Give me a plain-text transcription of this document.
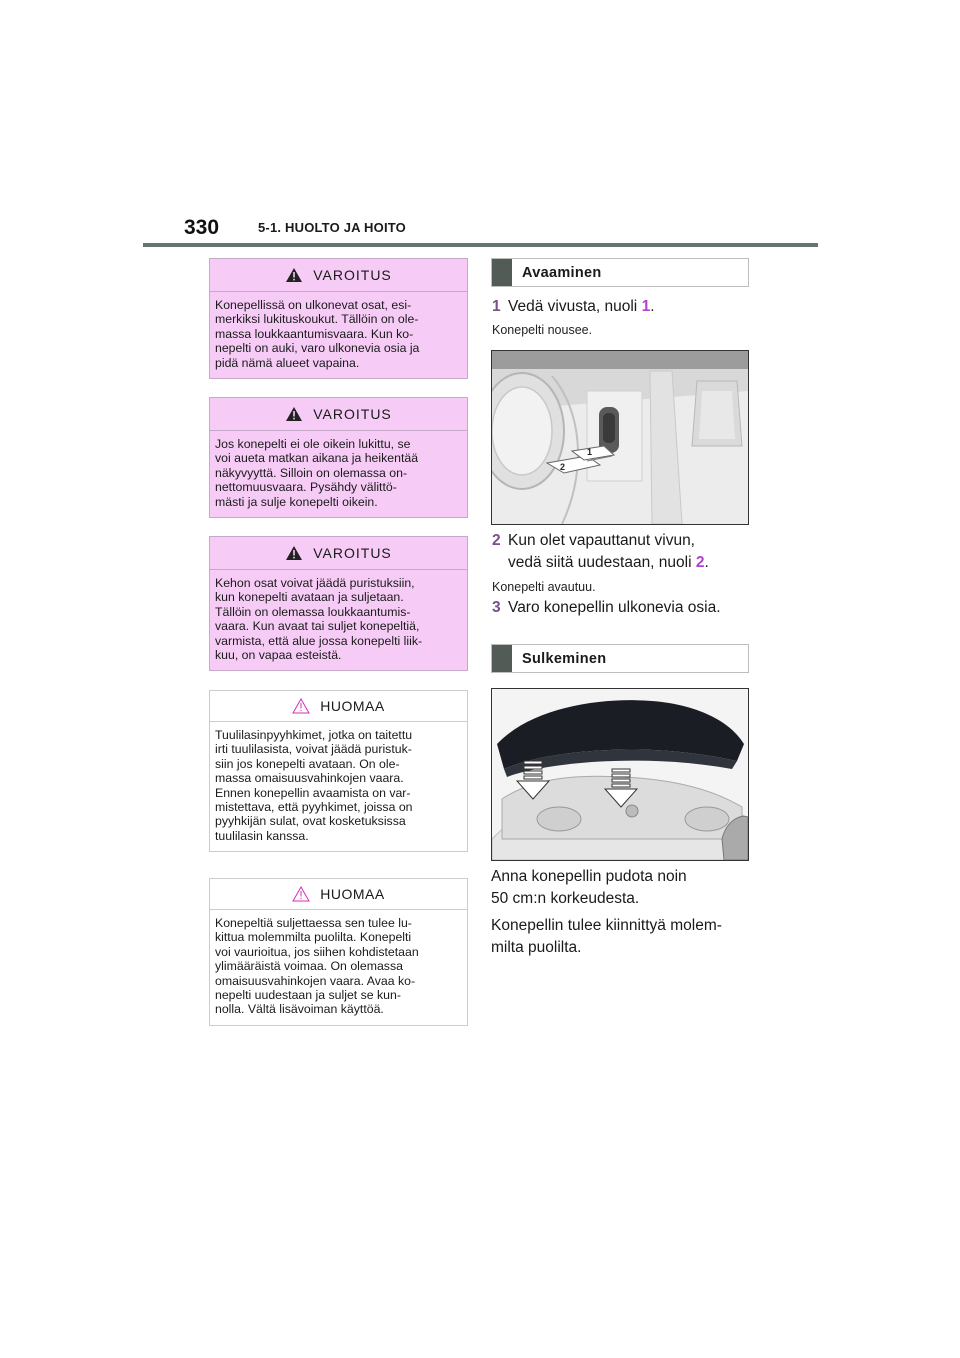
330	5-1. HUOLTO JA HOITO
VAROITUS
Konepellissä on ulkonevat osat, esi-
merkiksi lukituskoukut. Tällöin on ole-
massa loukkaantumisvaara. Kun ko-
nepelti on auki, varo ulkonevia osia ja
pidä nämä alueet vapaina.
VAROITUS
Jos konepelti ei ole oikein lukittu, se
voi aueta matkan aikana ja heikentää
näkyvyyttä. Silloin on olemassa on-
nettomuusvaara. Pysähdy välittö-
mästi ja sulje konepelti oikein.
VAROITUS
Kehon osat voivat jäädä puristuksiin,
kun konepelti avataan ja suljetaan.
Tällöin on olemassa loukkaantumis-
vaara. Kun avaat tai suljet konepeltiä,
varmista, että alue jossa konepelti liik-
kuu, on vapaa esteistä.
HUOMAA
Tuulilasinpyyhkimet, jotka on taitettu
irti tuulilasista, voivat jäädä puristuk-
siin jos konepelti avataan. On ole-
massa omaisuusvahinkojen vaara.
Ennen konepellin avaamista on var-
mistettava, että pyyhkimet, joissa on
pyyhkijän sulat, ovat kosketuksissa
tuulilasin kanssa.
HUOMAA
Konepeltiä suljettaessa sen tulee lu-
kittua molemmilta puolilta. Konepelti
voi vaurioitua, jos siihen kohdistetaan
ylimääräistä voimaa. On olemassa
omaisuusvahinkojen vaara. Avaa ko-
nepelti uudestaan ja suljet se kun-
nolla. Vältä lisävoiman käyttöä.
Avaaminen
1 Vedä vivusta, nuoli 1.
Konepelti nousee.
2
1
2 Kun olet vapauttanut vivun,
vedä siitä uudestaan, nuoli 2.
Konepelti avautuu.
3 Varo konepellin ulkonevia osia.
Sulkeminen
Anna konepellin pudota noin
50 cm:n korkeudesta.
Konepellin tulee kiinnittyä molem-
milta puolilta.
